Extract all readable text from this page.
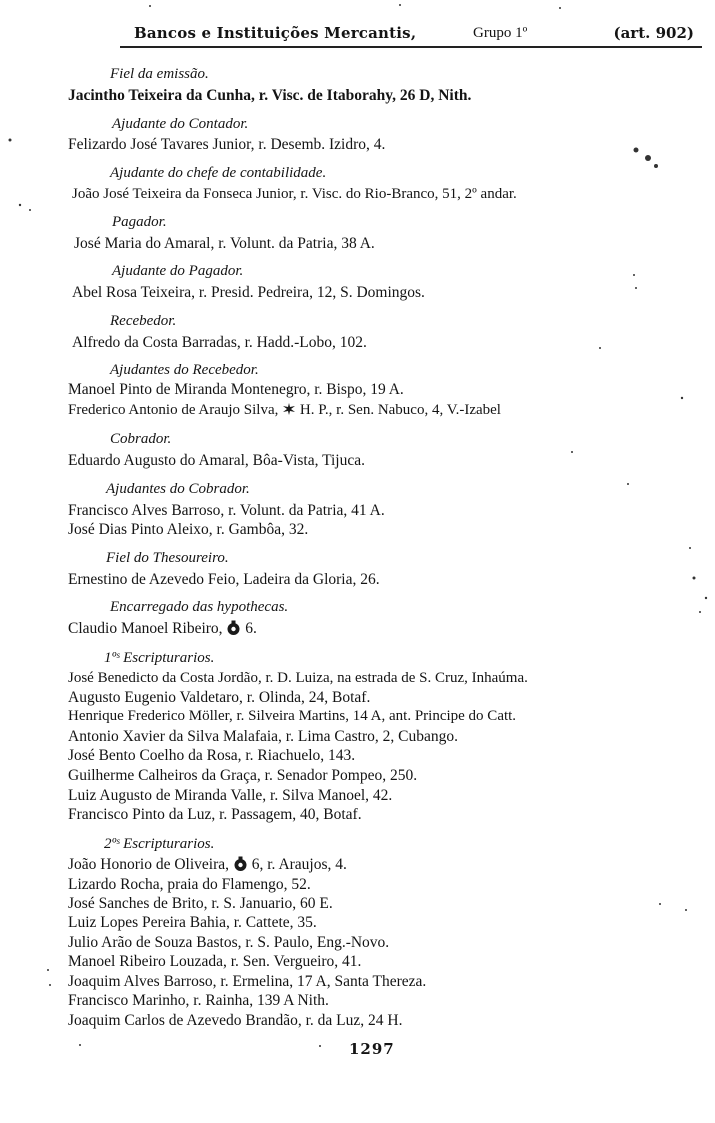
Bancos e Instituições Mercantis,	Grupo 1º	(art. 902)
Fiel da emissão.
Jacintho Teixeira da Cunha, r. Visc. de Itaborahy, 26 D, Nith.
Ajudante do Contador.
Felizardo José Tavares Junior, r. Desemb. Izidro, 4.
Ajudante do chefe de contabilidade.
João José Teixeira da Fonseca Junior, r. Visc. do Rio-Branco, 51, 2º andar.
Pagador.
José Maria do Amaral, r. Volunt. da Patria, 38 A.
Ajudante do Pagador.
Abel Rosa Teixeira, r. Presid. Pedreira, 12, S. Domingos.
Recebedor.
Alfredo da Costa Barradas, r. Hadd.-Lobo, 102.
Ajudantes do Recebedor.
Manoel Pinto de Miranda Montenegro, r. Bispo, 19 A.
Frederico Antonio de Araujo Silva, H. P., r. Sen. Nabuco, 4, V.-Izabel
Cobrador.
Eduardo Augusto do Amaral, Bôa-Vista, Tijuca.
Ajudantes do Cobrador.
Francisco Alves Barroso, r. Volunt. da Patria, 41 A.
José Dias Pinto Aleixo, r. Gambôa, 32.
Fiel do Thesoureiro.
Ernestino de Azevedo Feio, Ladeira da Gloria, 26.
Encarregado das hypothecas.
Claudio Manoel Ribeiro, 6.
1ºˢ Escripturarios.
José Benedicto da Costa Jordão, r. D. Luiza, na estrada de S. Cruz, Inhaúma.
Augusto Eugenio Valdetaro, r. Olinda, 24, Botaf.
Henrique Frederico Möller, r. Silveira Martins, 14 A, ant. Principe do Catt.
Antonio Xavier da Silva Malafaia, r. Lima Castro, 2, Cubango.
José Bento Coelho da Rosa, r. Riachuelo, 143.
Guilherme Calheiros da Graça, r. Senador Pompeo, 250.
Luiz Augusto de Miranda Valle, r. Silva Manoel, 42.
Francisco Pinto da Luz, r. Passagem, 40, Botaf.
2ºˢ Escripturarios.
João Honorio de Oliveira, 6, r. Araujos, 4.
Lizardo Rocha, praia do Flamengo, 52.
José Sanches de Brito, r. S. Januario, 60 E.
Luiz Lopes Pereira Bahia, r. Cattete, 35.
Julio Arão de Souza Bastos, r. S. Paulo, Eng.-Novo.
Manoel Ribeiro Louzada, r. Sen. Vergueiro, 41.
Joaquim Alves Barroso, r. Ermelina, 17 A, Santa Thereza.
Francisco Marinho, r. Rainha, 139 A Nith.
Joaquim Carlos de Azevedo Brandão, r. da Luz, 24 H.
1297
